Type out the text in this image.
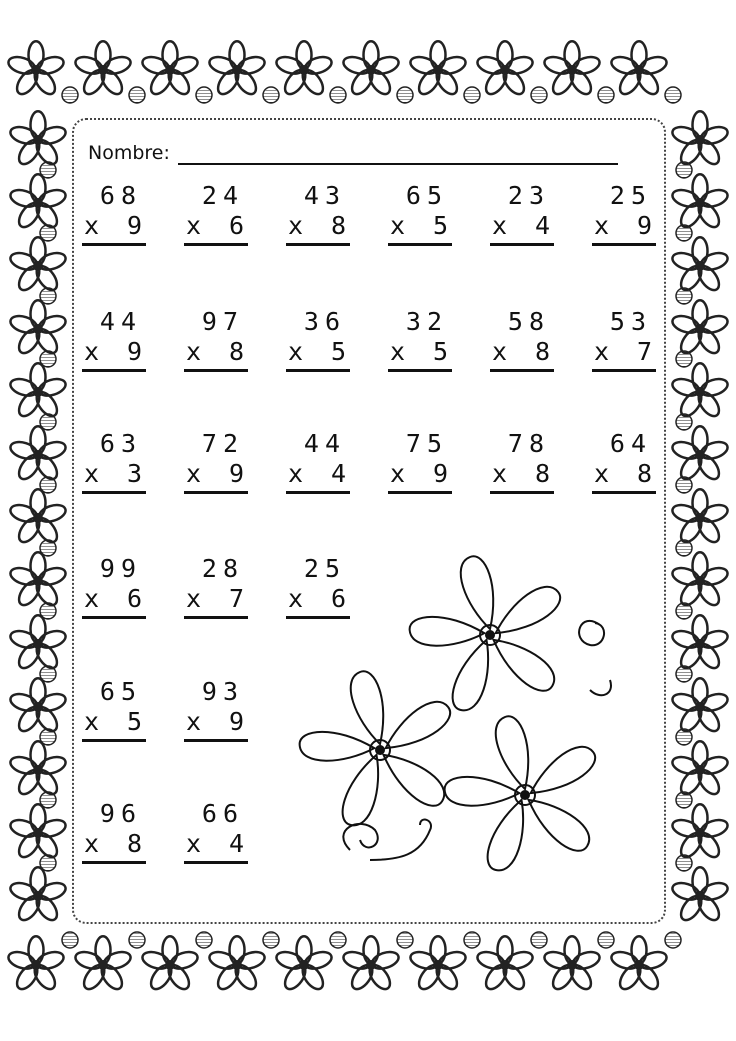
Nombre:
68
x 9
24
x 6
43
x 8
65
x 5
23
x 4
25
x 9
44
x 9
97
x 8
36
x 5
32
x 5
58
x 8
53
x 7
63
x 3
72
x 9
44
x 4
75
x 9
78
x 8
64
x 8
99
x 6
28
x 7
25
x 6
65
x 5
93
x 9
96
x 8
66
x 4
